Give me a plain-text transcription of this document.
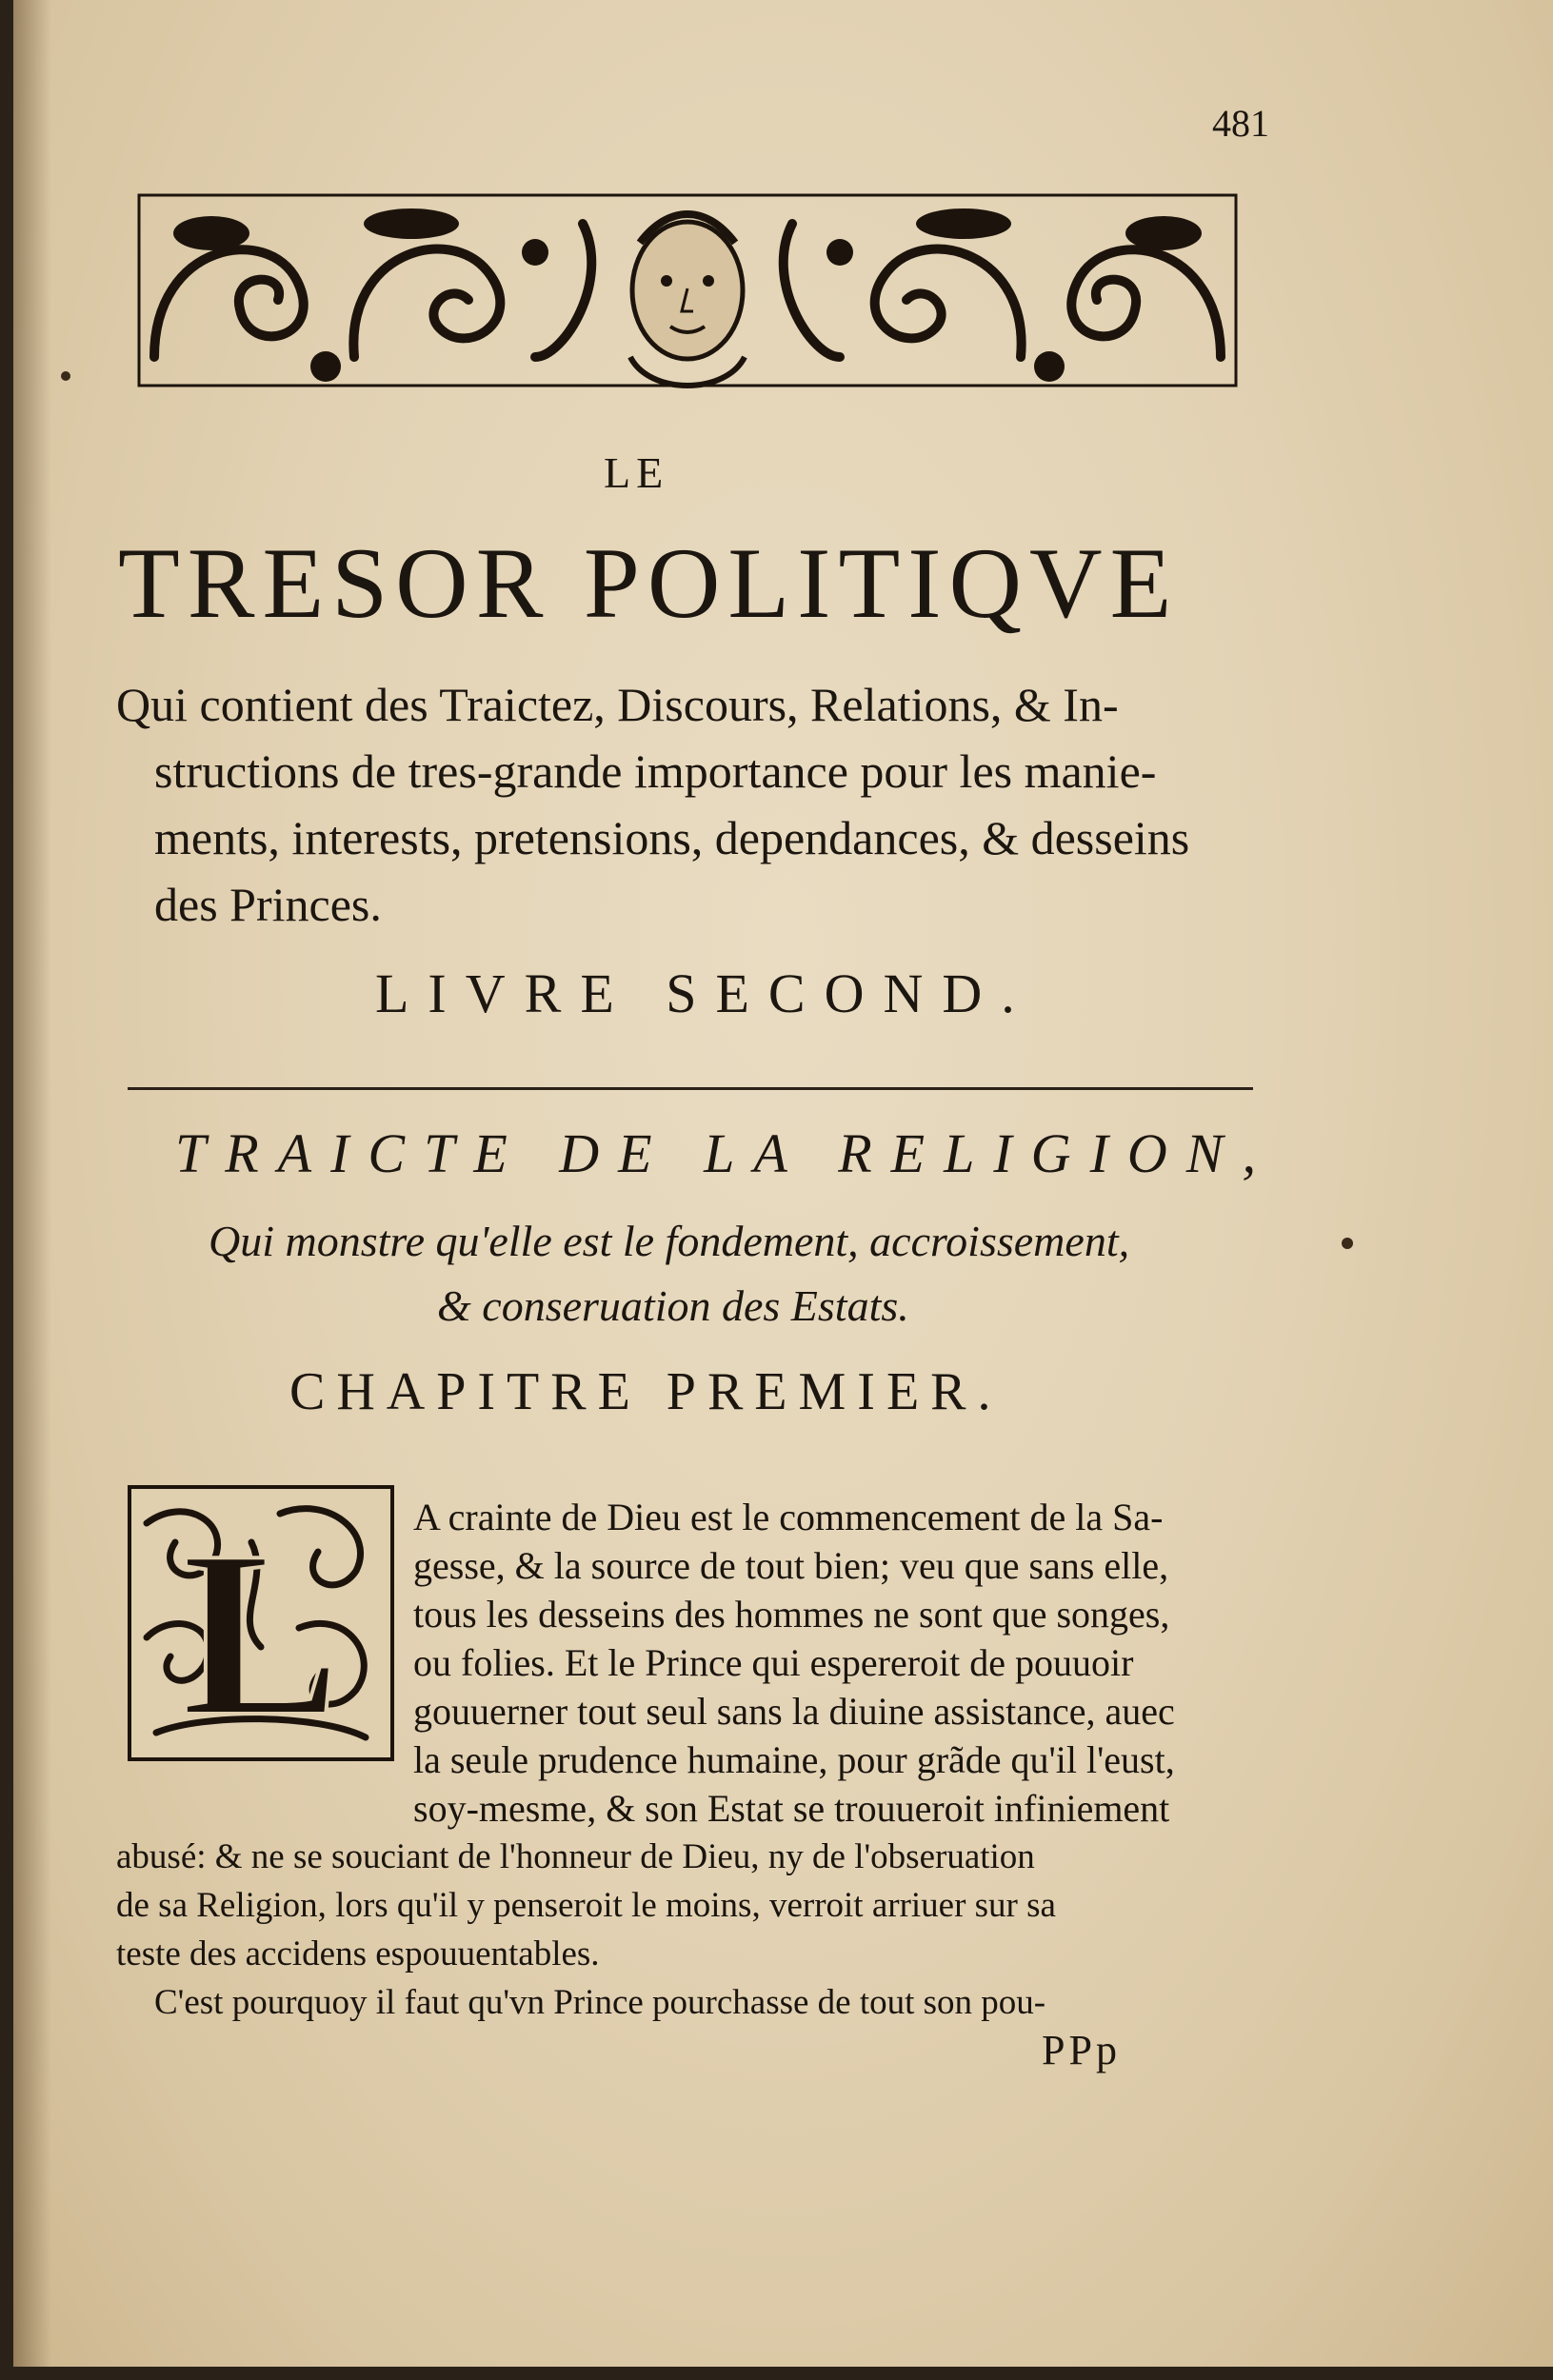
481
LE
TRESOR POLITIQVE
Qui contient des Traictez, Discours, Relations, & In-
structions de tres-grande importance pour les manie-
ments, interests, pretensions, dependances, & desseins
des Princes.
LIVRE SECOND.
TRAICTE DE LA RELIGION,
Qui monstre qu'elle est le fondement, accroissement,
& conseruation des Estats.
CHAPITRE PREMIER.
L A crainte de Dieu est le commencement de la Sa-
gesse, & la source de tout bien; veu que sans elle,
tous les desseins des hommes ne sont que songes,
ou folies. Et le Prince qui espereroit de pouuoir
gouuerner tout seul sans la diuine assistance, auec
la seule prudence humaine, pour grãde qu'il l'eust,
soy-mesme, & son Estat se trouueroit infiniement
abusé: & ne se souciant de l'honneur de Dieu, ny de l'obseruation
de sa Religion, lors qu'il y penseroit le moins, verroit arriuer sur sa
teste des accidens espouuentables.
C'est pourquoy il faut qu'vn Prince pourchasse de tout son pou-
PPp
